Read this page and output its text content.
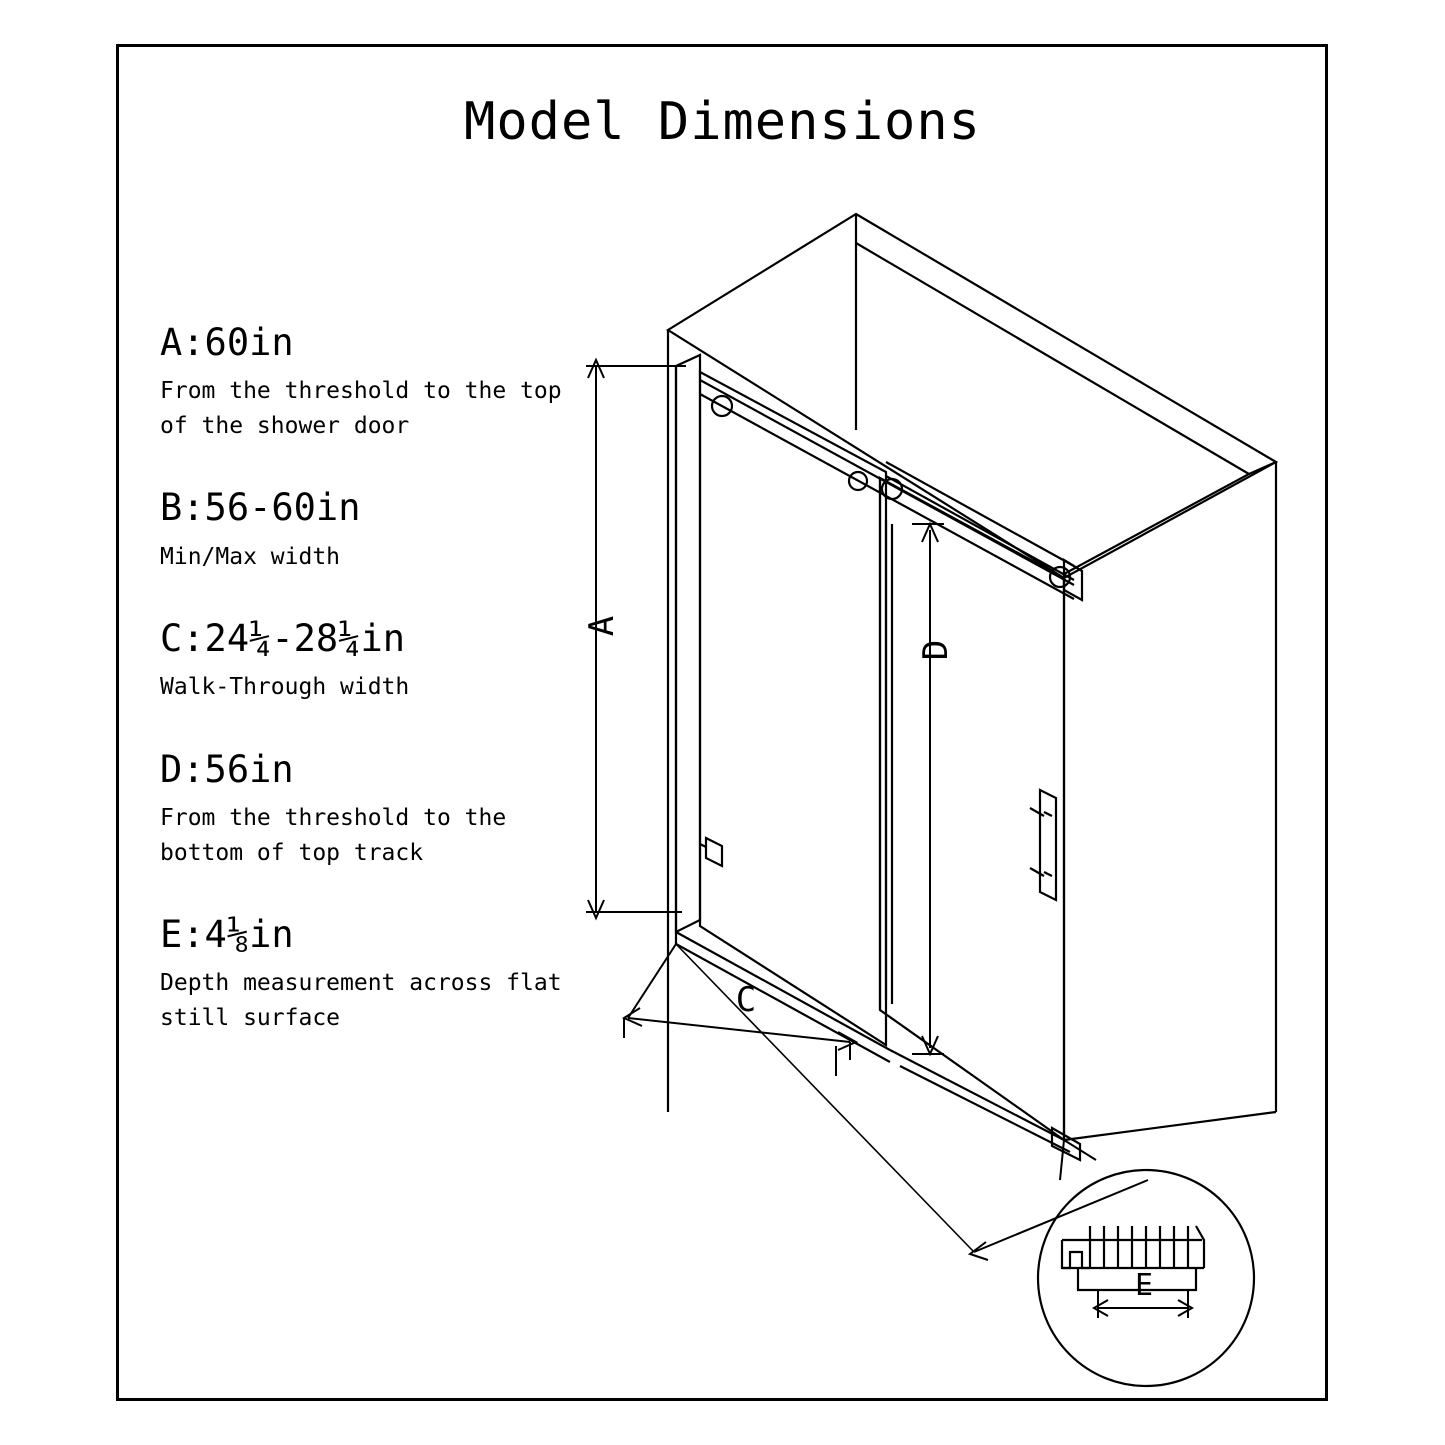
Model Dimensions
A:60in
From the threshold to the top of the shower door
B:56-60in
Min/Max width
C:24¼-28¼in
Walk-Through width
D:56in
From the threshold to the bottom of top track
E:4⅛in
Depth measurement across flat still surface
A
D
C
E
